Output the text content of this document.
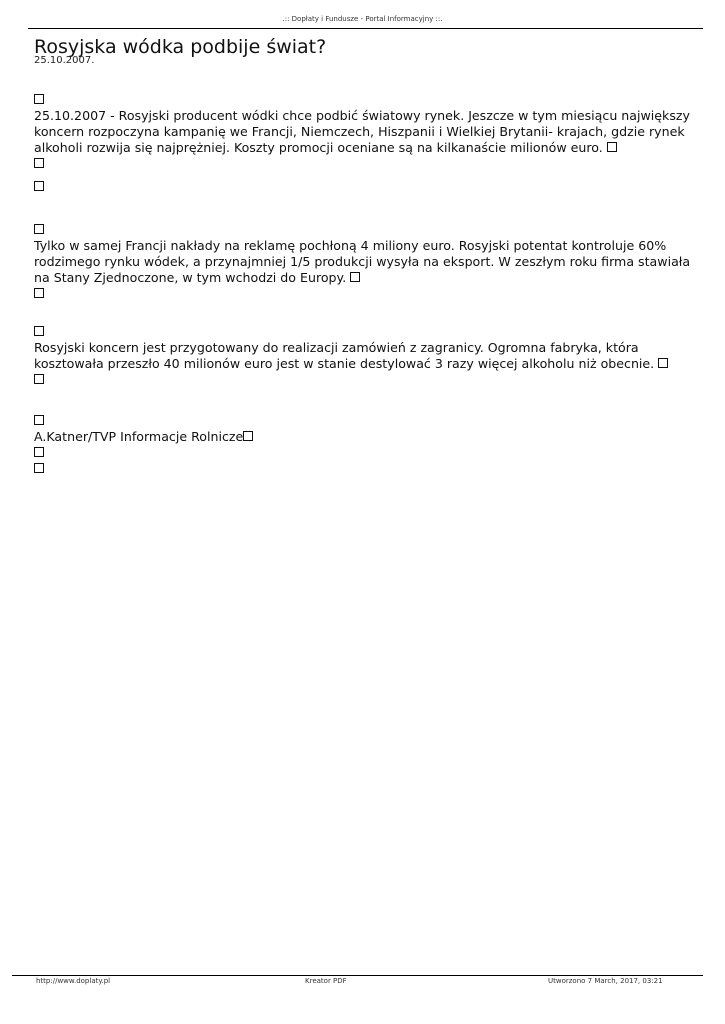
.:: Dopłaty i Fundusze - Portal Informacyjny ::.
Rosyjska wódka podbije świat?
25.10.2007.
25.10.2007 - Rosyjski producent wódki chce podbić światowy rynek. Jeszcze w tym miesiącu największy
koncern rozpoczyna kampanię we Francji, Niemczech, Hiszpanii i Wielkiej Brytanii- krajach, gdzie rynek
alkoholi rozwija się najprężniej. Koszty promocji oceniane są na kilkanaście milionów euro.
Tylko w samej Francji nakłady na reklamę pochłoną 4 miliony euro. Rosyjski potentat kontroluje 60%
rodzimego rynku wódek, a przynajmniej 1/5 produkcji wysyła na eksport. W zeszłym roku firma stawiała
na Stany Zjednoczone, w tym wchodzi do Europy.
Rosyjski koncern jest przygotowany do realizacji zamówień z zagranicy. Ogromna fabryka, która
kosztowała przeszło 40 milionów euro jest w stanie destylować 3 razy więcej alkoholu niż obecnie.
A.Katner/TVP Informacje Rolnicze
http://www.doplaty.pl	Kreator PDF	Utworzono 7 March, 2017, 03:21
